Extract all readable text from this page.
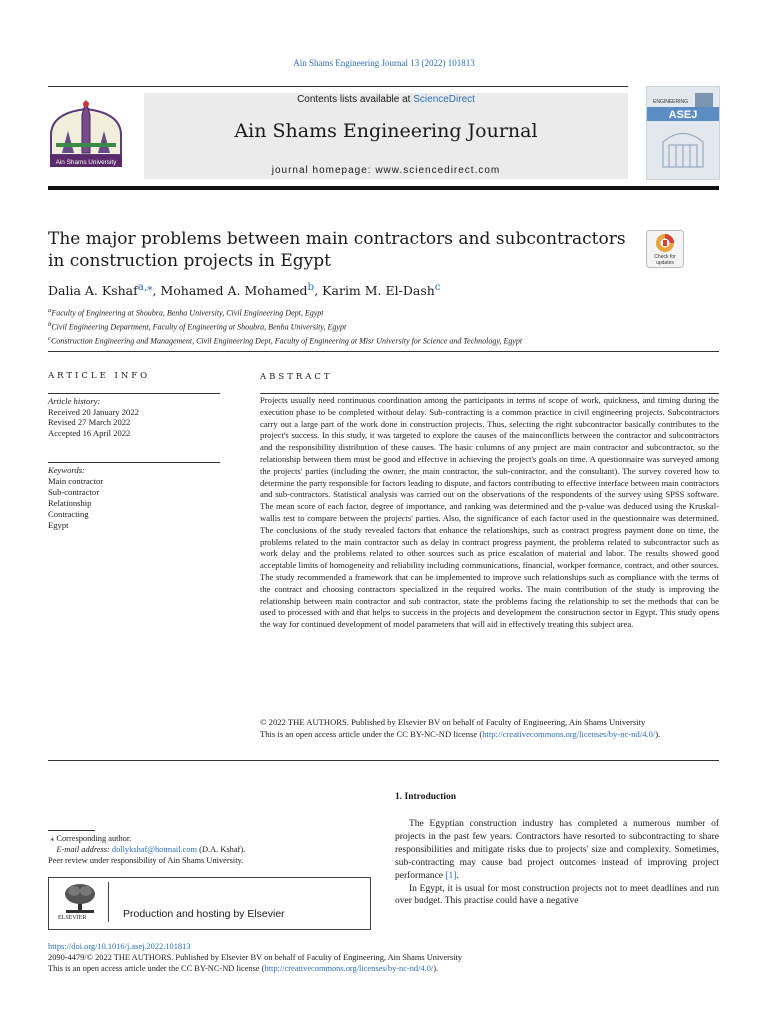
Ain Shams Engineering Journal 13 (2022) 101813
Ain Shams University
Contents lists available at ScienceDirect
Ain Shams Engineering Journal
journal homepage: www.sciencedirect.com
ENGINEERING
ASEJ
The major problems between main contractors and subcontractors in construction projects in Egypt	Check for
updates
Dalia A. Kshaf$^{a,⁎}$, Mohamed A. Mohamed$^b$, Karim M. El-Dash$^c$
$^a$Faculty of Engineering at Shoubra, Benha University, Civil Engineering Dept, Egypt
$^b$Civil Engineering Department, Faculty of Engineering at Shoubra, Benha University, Egypt
$^c$Construction Engineering and Management, Civil Engineering Dept, Faculty of Engineering at Misr University for Science and Technology, Egypt
ARTICLE INFO	ABSTRACT
Article history:
Received 20 January 2022
Revised 27 March 2022
Accepted 16 April 2022
Keywords:
Main contractor
Sub-contractor
Relationship
Contracting
Egypt

Projects usually need continuous coordination among the participants in terms of scope of work, quickness, and timing during the execution phase to be completed without delay. Sub-contracting is a common practice in civil engineering projects. Subcontractors carry out a large part of the work done in construction projects. Thus, selecting the right subcontractor basically contributes to the project's success. In this study, it was targeted to explore the causes of the mainconflicts between the contractor and subcontractors and the responsibility distribution of these causes. The basic columns of any project are main contractor and subcontractor, so the relationship between them must be good and effective in achieving the project's goals on time. A questionnaire was surveyed among the projects' parties (including the owner, the main contractor, the sub-contractor, and the consultant). The survey covered how to determine the party responsible for factors leading to dispute, and factors contributing to effective interface between main contractors and sub-contractors. Statistical analysis was carried out on the observations of the respondents of the survey using SPSS software. The mean score of each factor, degree of importance, and ranking was determined and the p-value was deduced using the Kruskal-wallis test to compare between the projects' parties. Also, the significance of each factor used in the questionnaire was determined. The conclusions of the study revealed factors that enhance the relationships, such as contract progress payment done on time, the problems related to the main contractor such as delay in contract progress payment, the problems related to subcontractor such as work delay and the problems related to other sources such as price escalation of material and labor. The results showed good acceptable limits of homogeneity and reliability including communications, financial, workper formance, contract, and other sources. The study recommended a framework that can be implemented to improve such relationships such as compliance with the terms of the contract and choosing contractors specialized in the required works. The main contribution of the study is improving the relationship between main contractor and sub contractor, state the problems facing the relationship to set the methods that can be used to processed with and that helps to success in the projects and development the construction sector in Egypt. This study opens the way for continued development of model parameters that will aid in effectively treating this subject area.

© 2022 THE AUTHORS. Published by Elsevier BV on behalf of Faculty of Engineering, Ain Shams University
This is an open access article under the CC BY-NC-ND license (http://creativecommons.org/licenses/by-nc-nd/4.0/).
1. Introduction

The Egyptian construction industry has completed a numerous number of projects in the past few years. Contractors have resorted to subcontracting to share responsibilities and mitigate risks due to projects' size and complexity. Sometimes, sub-contracting may cause bad project outcomes instead of improving project performance [1].

In Egypt, it is usual for most construction projects not to meet deadlines and run over budget. This practise could have a negative

⁎ Corresponding author.
E-mail address: dollykshaf@hotmail.com (D.A. Kshaf).
Peer review under responsibility of Ain Shams University.
ELSEVIER	Production and hosting by Elsevier
https://doi.org/10.1016/j.asej.2022.101813
2090-4479/© 2022 THE AUTHORS. Published by Elsevier BV on behalf of Faculty of Engineering, Ain Shams University
This is an open access article under the CC BY-NC-ND license (http://creativecommons.org/licenses/by-nc-nd/4.0/).
